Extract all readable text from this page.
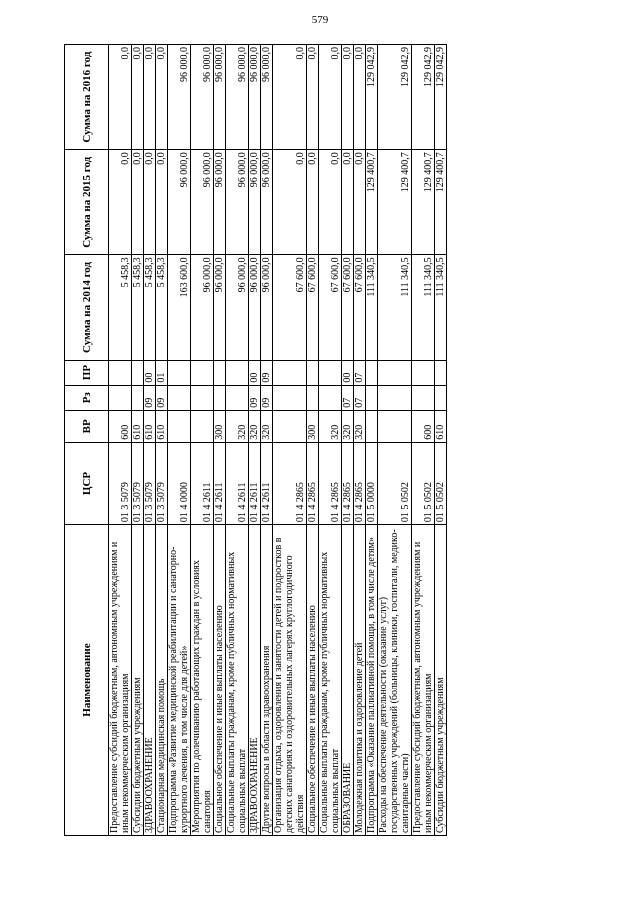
579
Наименование	ЦСР	ВР	Рз	ПР	Сумма на 2014 год	Сумма на 2015 год	Сумма на 2016 год
Предоставление субсидий бюджетным, автономным учреждениям и иным некоммерческим организациям	01 3 5079	600			5 458,3	0,0	0,0
Субсидии бюджетным учреждениям	01 3 5079	610			5 458,3	0,0	0,0
ЗДРАВООХРАНЕНИЕ	01 3 5079	610	09	00	5 458,3	0,0	0,0
Стационарная медицинская помощь	01 3 5079	610	09	01	5 458,3	0,0	0,0
Подпрограмма «Развитие медицинской реабилитации и санаторно-курортного лечения, в том числе для детей»	01 4 0000				163 600,0	96 000,0	96 000,0
Мероприятия по долечиванию работающих граждан в условиях санатория	01 4 2611				96 000,0	96 000,0	96 000,0
Социальное обеспечение и иные выплаты населению	01 4 2611	300			96 000,0	96 000,0	96 000,0
Социальные выплаты гражданам, кроме публичных нормативных социальных выплат	01 4 2611	320			96 000,0	96 000,0	96 000,0
ЗДРАВООХРАНЕНИЕ	01 4 2611	320	09	00	96 000,0	96 000,0	96 000,0
Другие вопросы в области здравоохранения	01 4 2611	320	09	09	96 000,0	96 000,0	96 000,0
Организация отдыха, оздоровления и занятости детей и подростков в детских санаториях и оздоровительных лагерях круглогодичного действия	01 4 2865				67 600,0	0,0	0,0
Социальное обеспечение и иные выплаты населению	01 4 2865	300			67 600,0	0,0	0,0
Социальные выплаты гражданам, кроме публичных нормативных социальных выплат	01 4 2865	320			67 600,0	0,0	0,0
ОБРАЗОВАНИЕ	01 4 2865	320	07	00	67 600,0	0,0	0,0
Молодежная политика и оздоровление детей	01 4 2865	320	07	07	67 600,0	0,0	0,0
Подпрограмма «Оказание паллиативной помощи, в том числе детям»	01 5 0000				111 340,5	129 400,7	129 042,9
Расходы на обеспечение деятельности (оказание услуг) государственных учреждений (больницы, клиники, госпитали, медико-санитарные части)	01 5 0502				111 340,5	129 400,7	129 042,9
Предоставление субсидий бюджетным, автономным учреждениям и иным некоммерческим организациям	01 5 0502	600			111 340,5	129 400,7	129 042,9
Субсидии бюджетным учреждениям	01 5 0502	610			111 340,5	129 400,7	129 042,9
